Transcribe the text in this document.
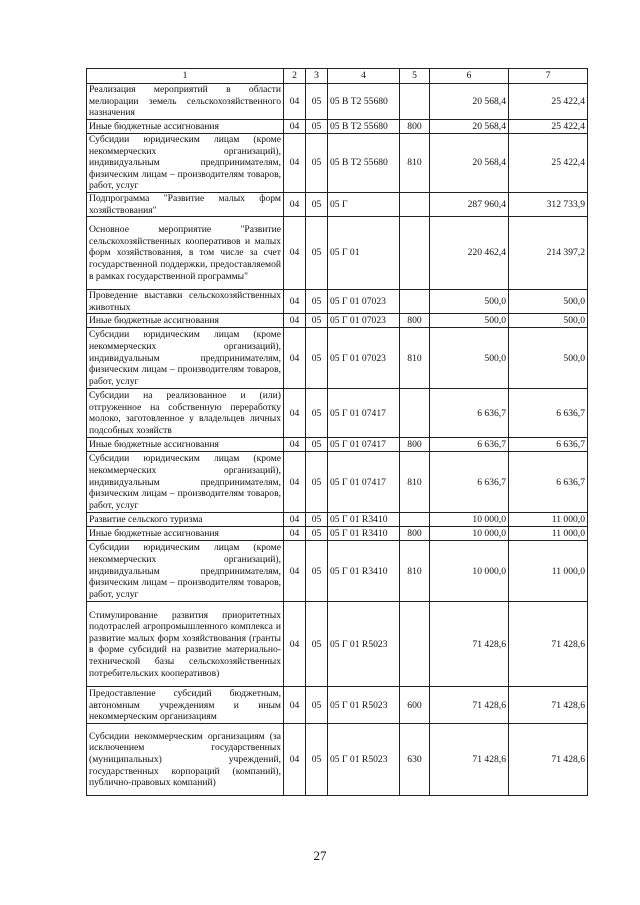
1	2	3	4	5	6	7
Реализация мероприятий в области мелиорации земель сельскохозяйственного назначения	04	05	05 В Т2 55680		20 568,4	25 422,4
Иные бюджетные ассигнования	04	05	05 В Т2 55680	800	20 568,4	25 422,4
Субсидии юридическим лицам (кроме некоммерческих организаций), индивидуальным предпринимателям, физическим лицам – производителям товаров, работ, услуг	04	05	05 В Т2 55680	810	20 568,4	25 422,4
Подпрограмма "Развитие малых форм хозяйствования"	04	05	05 Г		287 960,4	312 733,9
Основное мероприятие "Развитие сельскохозяйственных кооперативов и малых форм хозяйствования, в том числе за счет государственной поддержки, предоставляемой в рамках государственной программы"	04	05	05 Г 01		220 462,4	214 397,2
Проведение выставки сельскохозяйственных животных	04	05	05 Г 01 07023		500,0	500,0
Иные бюджетные ассигнования	04	05	05 Г 01 07023	800	500,0	500,0
Субсидии юридическим лицам (кроме некоммерческих организаций), индивидуальным предпринимателям, физическим лицам – производителям товаров, работ, услуг	04	05	05 Г 01 07023	810	500,0	500,0
Субсидии на реализованное и (или) отгруженное на собственную переработку молоко, заготовленное у владельцев личных подсобных хозяйств	04	05	05 Г 01 07417		6 636,7	6 636,7
Иные бюджетные ассигнования	04	05	05 Г 01 07417	800	6 636,7	6 636,7
Субсидии юридическим лицам (кроме некоммерческих организаций), индивидуальным предпринимателям, физическим лицам – производителям товаров, работ, услуг	04	05	05 Г 01 07417	810	6 636,7	6 636,7
Развитие сельского туризма	04	05	05 Г 01 R3410		10 000,0	11 000,0
Иные бюджетные ассигнования	04	05	05 Г 01 R3410	800	10 000,0	11 000,0
Субсидии юридическим лицам (кроме некоммерческих организаций), индивидуальным предпринимателям, физическим лицам – производителям товаров, работ, услуг	04	05	05 Г 01 R3410	810	10 000,0	11 000,0
Стимулирование развития приоритетных подотраслей агропромышленного комплекса и развитие малых форм хозяйствования (гранты в форме субсидий на развитие материально-технической базы сельскохозяйственных потребительских кооперативов)	04	05	05 Г 01 R5023		71 428,6	71 428,6
Предоставление субсидий бюджетным, автономным учреждениям и иным некоммерческим организациям	04	05	05 Г 01 R5023	600	71 428,6	71 428,6
Субсидии некоммерческим организациям (за исключением государственных (муниципальных) учреждений, государственных корпораций (компаний), публично-правовых компаний)	04	05	05 Г 01 R5023	630	71 428,6	71 428,6
27
